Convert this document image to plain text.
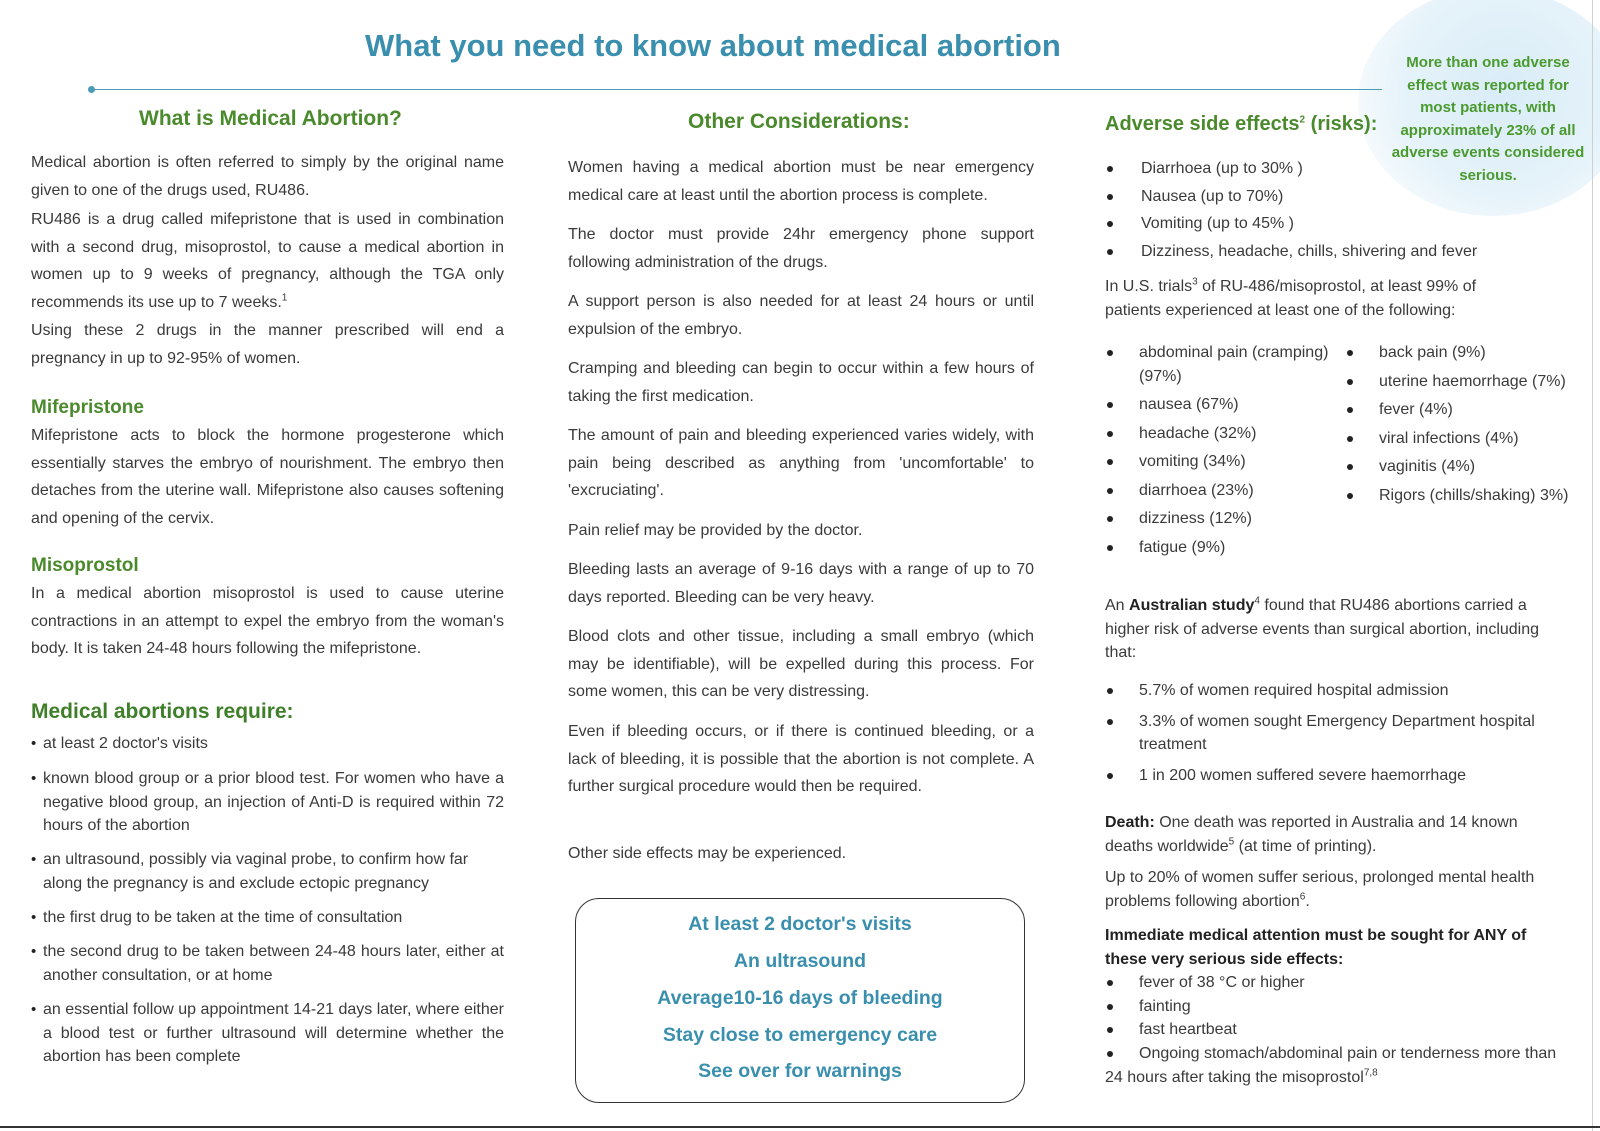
What you need to know about medical abortion	More than one adverse effect was reported for most patients, with approximately 23% of all adverse events considered serious.
What is Medical Abortion?

Medical abortion is often referred to simply by the original name given to one of the drugs used, RU486.

RU486 is a drug called mifepristone that is used in combination with a second drug, misoprostol, to cause a medical abortion in women up to 9 weeks of pregnancy, although the TGA only recommends its use up to 7 weeks.$^1$

Using these 2 drugs in the manner prescribed will end a pregnancy in up to 92-95% of women.

Mifepristone

Mifepristone acts to block the hormone progesterone which essentially starves the embryo of nourishment. The embryo then detaches from the uterine wall. Mifepristone also causes softening and opening of the cervix.

Misoprostol

In a medical abortion misoprostol is used to cause uterine contractions in an attempt to expel the embryo from the woman's body. It is taken 24-48 hours following the mifepristone.

Medical abortions require:
• at least 2 doctor's visits
• known blood group or a prior blood test. For women who have a negative blood group, an injection of Anti-D is required within 72 hours of the abortion
• an ultrasound, possibly via vaginal probe, to confirm how far along the pregnancy is and exclude ectopic pregnancy
• the first drug to be taken at the time of consultation
• the second drug to be taken between 24-48 hours later, either at another consultation, or at home
• an essential follow up appointment 14-21 days later, where either a blood test or further ultrasound will determine whether the abortion has been complete
Other Considerations:

Women having a medical abortion must be near emergency medical care at least until the abortion process is complete.

The doctor must provide 24hr emergency phone support following administration of the drugs.

A support person is also needed for at least 24 hours or until expulsion of the embryo.

Cramping and bleeding can begin to occur within a few hours of taking the first medication.

The amount of pain and bleeding experienced varies widely, with pain being described as anything from 'uncomfortable' to 'excruciating'.

Pain relief may be provided by the doctor.

Bleeding lasts an average of 9-16 days with a range of up to 70 days reported. Bleeding can be very heavy.

Blood clots and other tissue, including a small embryo (which may be identifiable), will be expelled during this process. For some women, this can be very distressing.

Even if bleeding occurs, or if there is continued bleeding, or a lack of bleeding, it is possible that the abortion is not complete. A further surgical procedure would then be required.

Other side effects may be experienced.

At least 2 doctor's visits
An ultrasound
Average10-16 days of bleeding
Stay close to emergency care
See over for warnings
Adverse side effects$^2$ (risks):
Diarrhoea (up to 30% )
Nausea (up to 70%)
Vomiting (up to 45% )
Dizziness, headache, chills, shivering and fever

In U.S. trials$^3$ of RU-486/misoprostol, at least 99% of patients experienced at least one of the following:

abdominal pain (cramping) (97%)
nausea (67%)
headache (32%)
vomiting (34%)
diarrhoea (23%)
dizziness (12%)
fatigue (9%)
back pain (9%)
uterine haemorrhage (7%)
fever (4%)
viral infections (4%)
vaginitis (4%)
Rigors (chills/shaking) 3%)

An Australian study$^4$ found that RU486 abortions carried a higher risk of adverse events than surgical abortion, including that:

5.7% of women required hospital admission
3.3% of women sought Emergency Department hospital treatment
1 in 200 women suffered severe haemorrhage

Death: One death was reported in Australia and 14 known deaths worldwide$^5$ (at time of printing).

Up to 20% of women suffer serious, prolonged mental health problems following abortion$^6$.

Immediate medical attention must be sought for ANY of these very serious side effects:

fever of 38 °C or higher
fainting
fast heartbeat

Ongoing stomach/abdominal pain or tenderness more than 24 hours after taking the misoprostol$^{7,8}$
